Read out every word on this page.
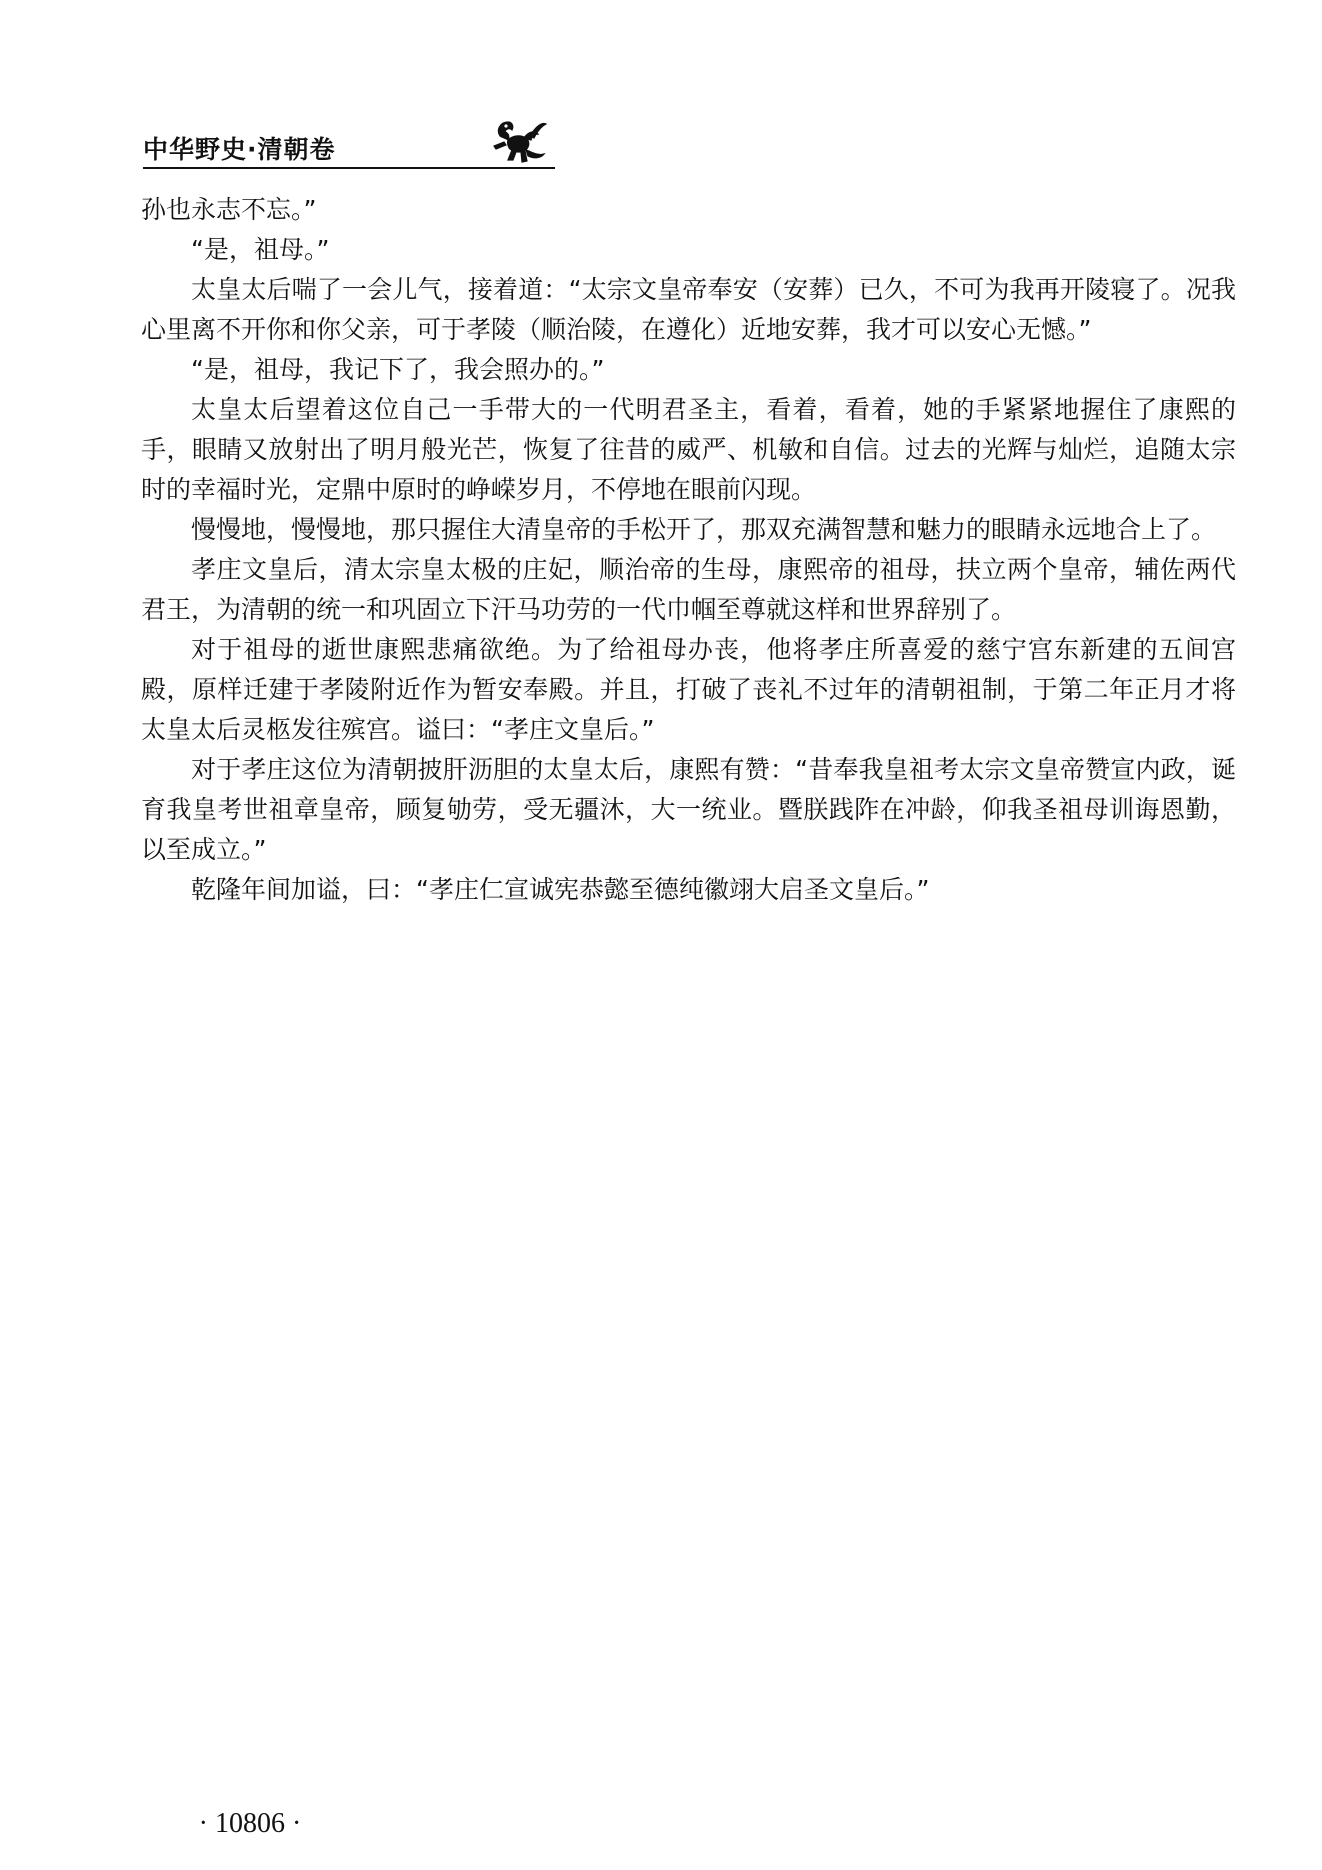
中华野史·清朝卷

孙也永志不忘。”

“是，祖母。”

太皇太后喘了一会儿气，接着道：“太宗文皇帝奉安（安葬）已久，不可为我再开陵寝了。况我心里离不开你和你父亲，可于孝陵（顺治陵，在遵化）近地安葬，我才可以安心无憾。”

“是，祖母，我记下了，我会照办的。”

太皇太后望着这位自己一手带大的一代明君圣主，看着，看着，她的手紧紧地握住了康熙的手，眼睛又放射出了明月般光芒，恢复了往昔的威严、机敏和自信。过去的光辉与灿烂，追随太宗时的幸福时光，定鼎中原时的峥嵘岁月，不停地在眼前闪现。

慢慢地，慢慢地，那只握住大清皇帝的手松开了，那双充满智慧和魅力的眼睛永远地合上了。

孝庄文皇后，清太宗皇太极的庄妃，顺治帝的生母，康熙帝的祖母，扶立两个皇帝，辅佐两代君王，为清朝的统一和巩固立下汗马功劳的一代巾帼至尊就这样和世界辞别了。

对于祖母的逝世康熙悲痛欲绝。为了给祖母办丧，他将孝庄所喜爱的慈宁宫东新建的五间宫殿，原样迁建于孝陵附近作为暂安奉殿。并且，打破了丧礼不过年的清朝祖制，于第二年正月才将太皇太后灵柩发往殡宫。谥曰：“孝庄文皇后。”

对于孝庄这位为清朝披肝沥胆的太皇太后，康熙有赞：“昔奉我皇祖考太宗文皇帝赞宣内政，诞育我皇考世祖章皇帝，顾复劬劳，受无疆沐，大一统业。暨朕践阼在冲龄，仰我圣祖母训诲恩勤，以至成立。”

乾隆年间加谥，曰：“孝庄仁宣诚宪恭懿至德纯徽翊大启圣文皇后。”

· 10806 ·
